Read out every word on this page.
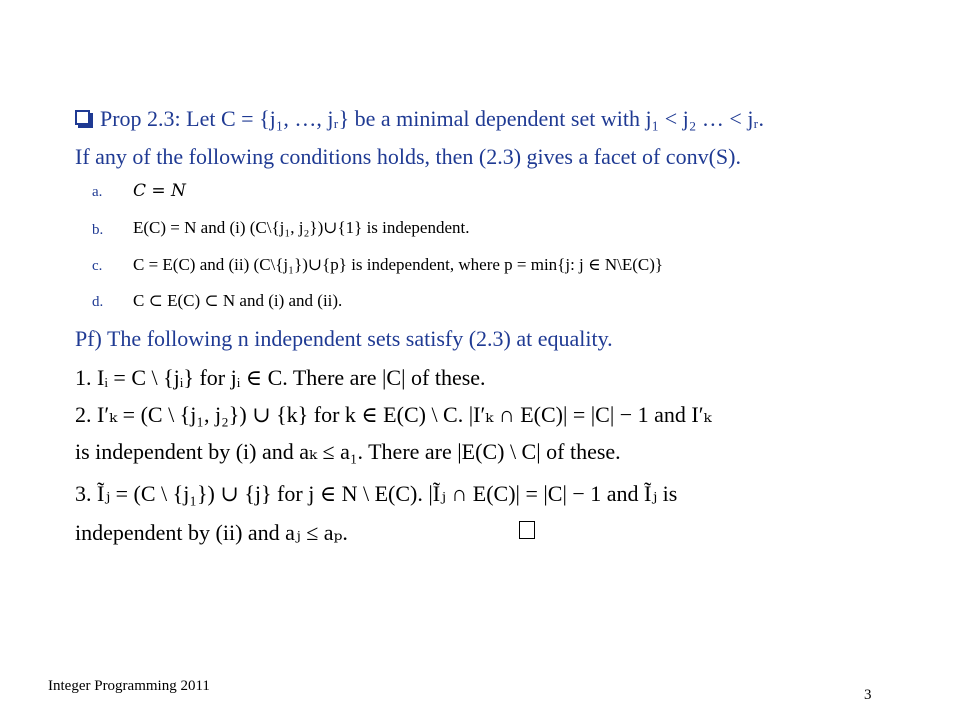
Prop 2.3: Let C = {j₁, …, jᵣ} be a minimal dependent set with j₁ < j₂ … < jᵣ.
If any of the following conditions holds, then (2.3) gives a facet of conv(S).
a. C = N
b. E(C) = N and (i) (C\{j₁, j₂})∪{1} is independent.
c. C = E(C) and (ii) (C\{j₁})∪{p} is independent, where p = min{j: j ∈ N\E(C)}
d. C ⊂ E(C) ⊂ N and (i) and (ii).
Pf) The following n independent sets satisfy (2.3) at equality.
1. Iᵢ = C \ {jᵢ} for jᵢ ∈ C. There are |C| of these.
2. I′ₖ = (C \ {j₁, j₂}) ∪ {k} for k ∈ E(C) \ C. |I′ₖ ∩ E(C)| = |C| − 1 and I′ₖ
is independent by (i) and aₖ ≤ a₁. There are |E(C) \ C| of these.
3. Ĩⱼ = (C \ {j₁}) ∪ {j} for j ∈ N \ E(C). |Ĩⱼ ∩ E(C)| = |C| − 1 and Ĩⱼ is
independent by (ii) and aⱼ ≤ aₚ.
Integer Programming 2011
3
